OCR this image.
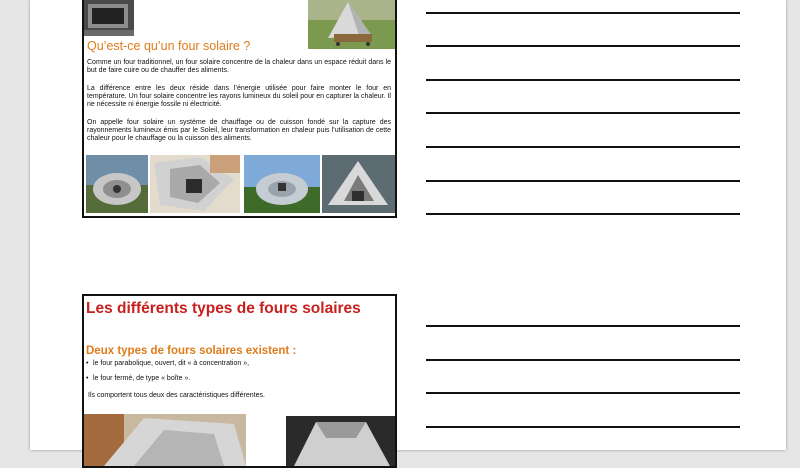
Qu’est-ce qu’un four solaire ?

Comme un four traditionnel, un four solaire concentre de la chaleur dans un espace réduit dans le but de faire cuire ou de chauffer des aliments.

La différence entre les deux réside dans l’énergie utilisée pour faire monter le four en température. Un four solaire concentre les rayons lumineux du soleil pour en capturer la chaleur. Il ne nécessite ni énergie fossile ni électricité.

On appelle four solaire un système de chauffage ou de cuisson fondé sur la capture des rayonnements lumineux émis par le Soleil, leur transformation en chaleur puis l’utilisation de cette chaleur pour le chauffage ou la cuisson des aliments.

Les différents types de fours solaires
Deux types de fours solaires existent :
• le four parabolique, ouvert, dit « à concentration »,
• le four fermé, de type « boîte ».

Ils comportent tous deux des caractéristiques différentes.
